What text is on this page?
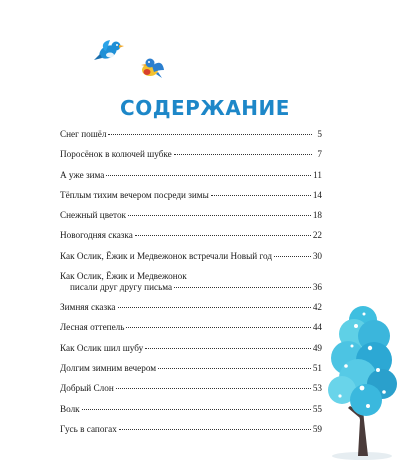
СОДЕРЖАНИЕ
Снег пошёл	5
Поросёнок в колючей шубке	7
А уже зима	11
Тёплым тихим вечером посреди зимы	14
Снежный цветок	18
Новогодняя сказка	22
Как Ослик, Ёжик и Медвежонок встречали Новый год	30
Как Ослик, Ёжик и Медвежонок
писали друг другу письма	36
Зимняя сказка	42
Лесная оттепель	44
Как Ослик шил шубу	49
Долгим зимним вечером	51
Добрый Слон	53
Волк	55
Гусь в сапогах	59
